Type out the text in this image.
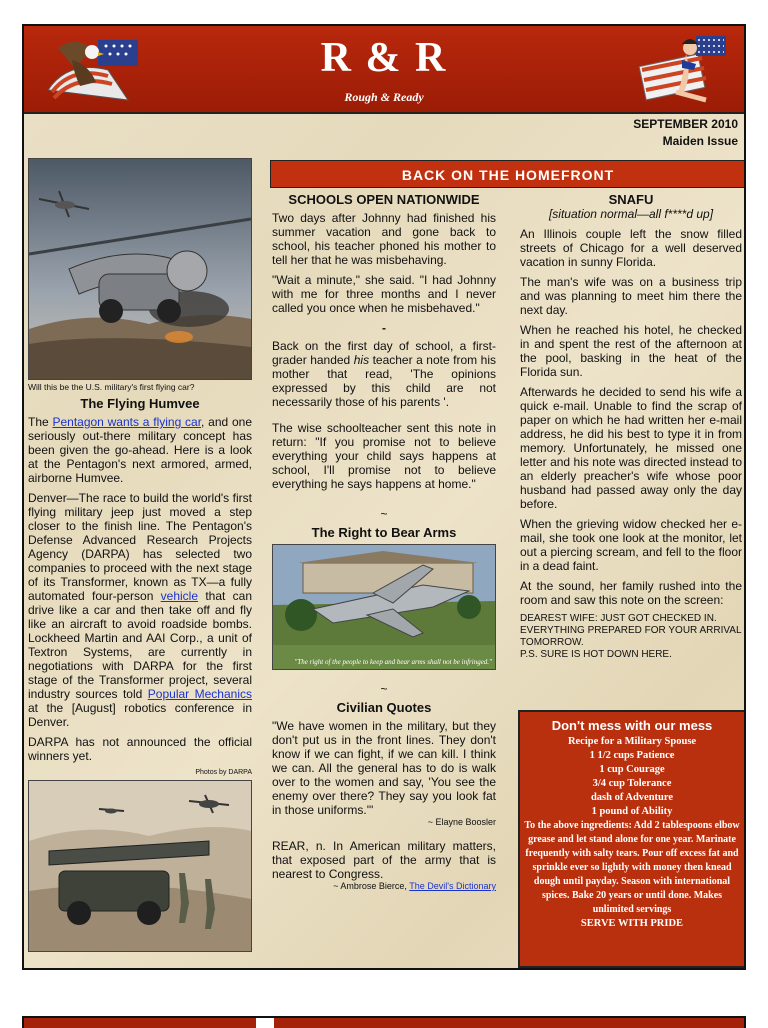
R & R
Rough & Ready
SEPTEMBER 2010
Maiden Issue
BACK ON THE HOMEFRONT
Will this be the U.S. military's first flying car?
The Flying Humvee

The Pentagon wants a flying car, and one seriously out-there military concept has been given the go-ahead. Here is a look at the Pentagon's next armored, armed, airborne Humvee.

Denver—The race to build the world's first flying military jeep just moved a step closer to the finish line. The Pentagon's Defense Advanced Research Projects Agency (DARPA) has selected two companies to proceed with the next stage of its Transformer, known as TX—a fully automated four-person vehicle that can drive like a car and then take off and fly like an aircraft to avoid roadside bombs. Lockheed Martin and AAI Corp., a unit of Textron Systems, are currently in negotiations with DARPA for the first stage of the Transformer project, several industry sources told Popular Mechanics at the [August] robotics conference in Denver.

DARPA has not announced the official winners yet.

Photos by DARPA
SCHOOLS OPEN NATIONWIDE

Two days after Johnny had finished his summer vacation and gone back to school, his teacher phoned his mother to tell her that he was misbehaving.

"Wait a minute," she said. "I had Johnny with me for three months and I never called you once when he misbehaved."

-

Back on the first day of school, a first-grader handed his teacher a note from his mother that read, 'The opinions expressed by this child are not necessarily those of his parents '.

The wise schoolteacher sent this note in return: "If you promise not to believe everything your child says happens at school, I'll promise not to believe everything he says happens at home."

~
The Right to Bear Arms
"The right of the people to keep and bear arms shall not be infringed."
~
Civilian Quotes

"We have women in the military, but they don't put us in the front lines. They don't know if we can fight, if we can kill. I think we can. All the general has to do is walk over to the women and say, 'You see the enemy over there? They say you look fat in those uniforms.'"

~ Elayne Boosler

REAR, n. In American military matters, that exposed part of the army that is nearest to Congress.

~ Ambrose Bierce, The Devil's Dictionary
SNAFU
[situation normal—all f****d up]

An Illinois couple left the snow filled streets of Chicago for a well deserved vacation in sunny Florida.

The man's wife was on a business trip and was planning to meet him there the next day.

When he reached his hotel, he checked in and spent the rest of the afternoon at the pool, basking in the heat of the Florida sun.

Afterwards he decided to send his wife a quick e-mail. Unable to find the scrap of paper on which he had written her e-mail address, he did his best to type it in from memory. Unfortunately, he missed one letter and his note was directed instead to an elderly preacher's wife whose poor husband had passed away only the day before.

When the grieving widow checked her e-mail, she took one look at the monitor, let out a piercing scream, and fell to the floor in a dead faint.

At the sound, her family rushed into the room and saw this note on the screen:

DEAREST WIFE: JUST GOT CHECKED IN. EVERYTHING PREPARED FOR YOUR ARRIVAL TOMORROW.

P.S. SURE IS HOT DOWN HERE.

Don't mess with our mess
Recipe for a Military Spouse
1 1/2 cups Patience
1 cup Courage
3/4 cup Tolerance
dash of Adventure
1 pound of Ability
To the above ingredients: Add 2 tablespoons elbow grease and let stand alone for one year. Marinate frequently with salty tears. Pour off excess fat and sprinkle ever so lightly with money then knead dough until payday. Season with international spices. Bake 20 years or until done. Makes unlimited servings
SERVE WITH PRIDE
